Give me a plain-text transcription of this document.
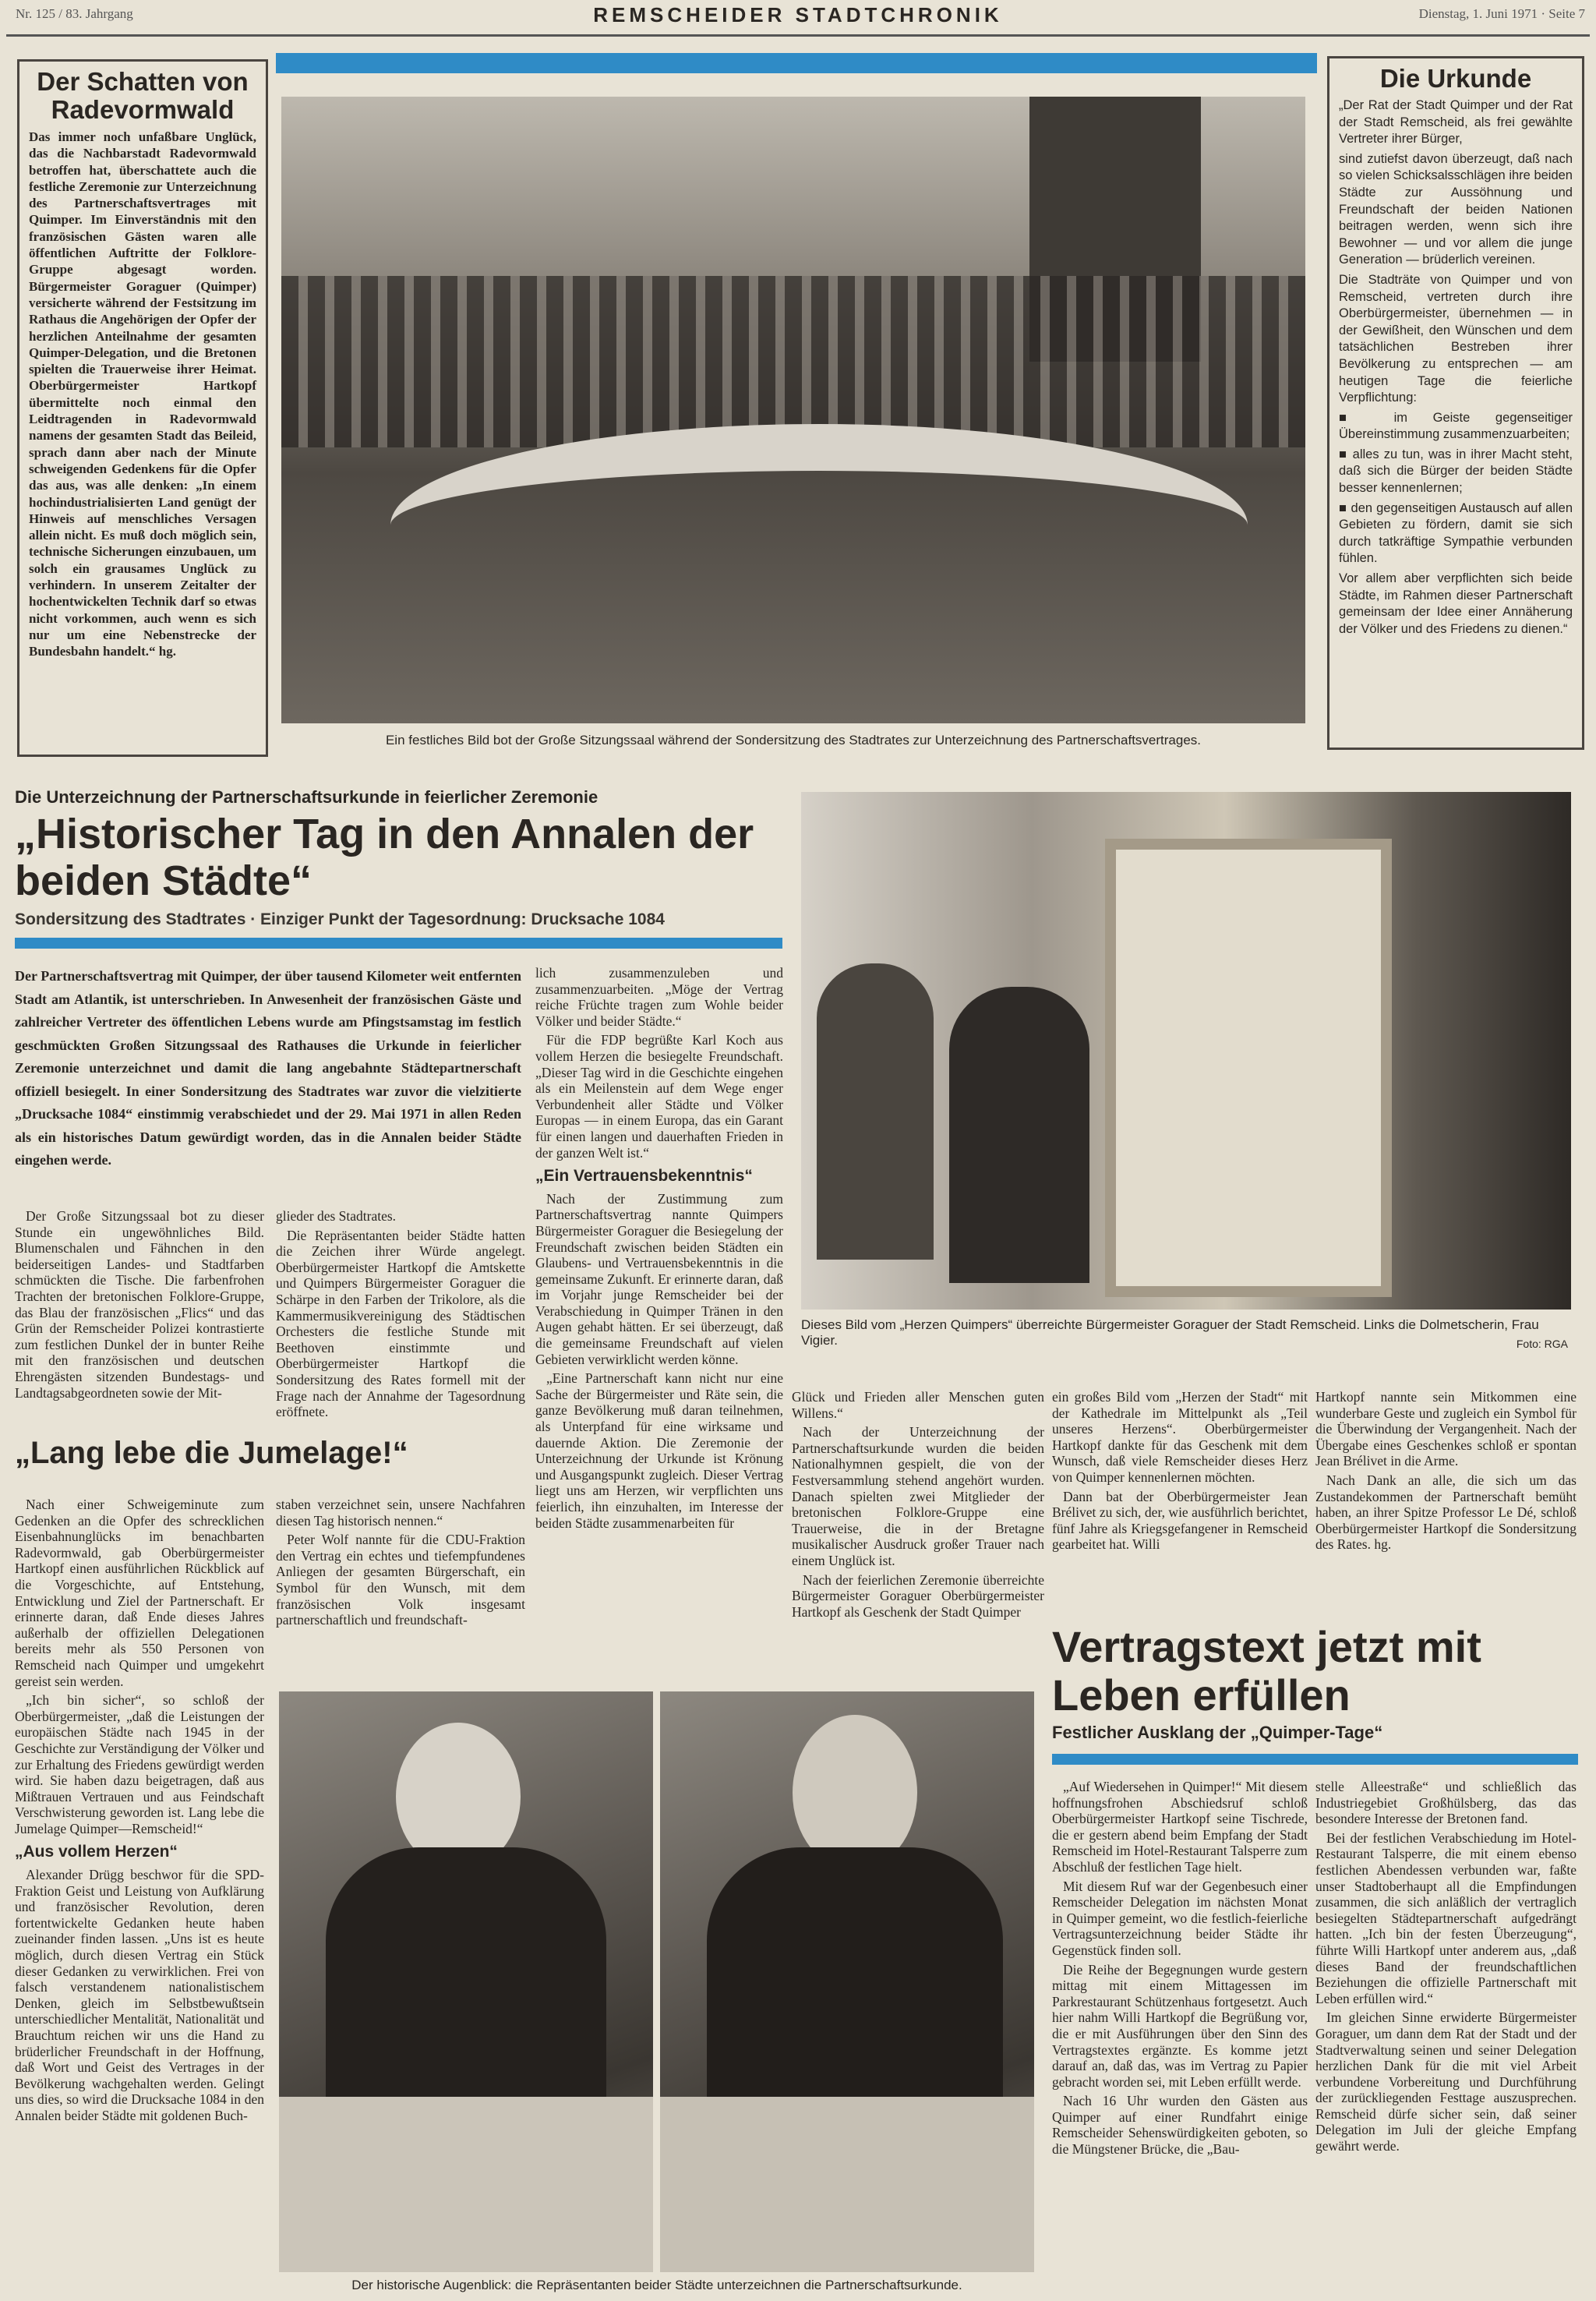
Nr. 125 / 83. Jahrgang	REMSCHEIDER STADTCHRONIK	Dienstag, 1. Juni 1971 · Seite 7
Der Schatten von Radevormwald

Das immer noch unfaßbare Unglück, das die Nachbarstadt Radevormwald betroffen hat, überschattete auch die festliche Zeremonie zur Unterzeichnung des Partnerschaftsvertrages mit Quimper. Im Einverständnis mit den französischen Gästen waren alle öffentlichen Auftritte der Folklore-Gruppe abgesagt worden. Bürgermeister Goraguer (Quimper) versicherte während der Festsitzung im Rathaus die Angehörigen der Opfer der herzlichen Anteilnahme der gesamten Quimper-Delegation, und die Bretonen spielten die Trauerweise ihrer Heimat. Oberbürgermeister Hartkopf übermittelte noch einmal den Leidtragenden in Radevormwald namens der gesamten Stadt das Beileid, sprach dann aber nach der Minute schweigenden Gedenkens für die Opfer das aus, was alle denken: „In einem hochindustrialisierten Land genügt der Hinweis auf menschliches Versagen allein nicht. Es muß doch möglich sein, technische Sicherungen einzubauen, um solch ein grausames Unglück zu verhindern. In unserem Zeitalter der hochentwickelten Technik darf so etwas nicht vorkommen, auch wenn es sich nur um eine Nebenstrecke der Bundesbahn handelt.“ hg.

Ein festliches Bild bot der Große Sitzungssaal während der Sondersitzung des Stadtrates zur Unterzeichnung des Partnerschaftsvertrages.
Die Urkunde

„Der Rat der Stadt Quimper und der Rat der Stadt Remscheid, als frei gewählte Vertreter ihrer Bürger,

sind zutiefst davon überzeugt, daß nach so vielen Schicksalsschlägen ihre beiden Städte zur Aussöhnung und Freundschaft der beiden Nationen beitragen werden, wenn sich ihre Bewohner — und vor allem die junge Generation — brüderlich vereinen.

Die Stadträte von Quimper und von Remscheid, vertreten durch ihre Oberbürgermeister, übernehmen — in der Gewißheit, den Wünschen und dem tatsächlichen Bestreben ihrer Bevölkerung zu entsprechen — am heutigen Tage die feierliche Verpflichtung:

■ im Geiste gegenseitiger Übereinstimmung zusammenzuarbeiten;

■ alles zu tun, was in ihrer Macht steht, daß sich die Bürger der beiden Städte besser kennenlernen;

■ den gegenseitigen Austausch auf allen Gebieten zu fördern, damit sie sich durch tatkräftige Sympathie verbunden fühlen.

Vor allem aber verpflichten sich beide Städte, im Rahmen dieser Partnerschaft gemeinsam der Idee einer Annäherung der Völker und des Friedens zu dienen.“

Die Unterzeichnung der Partnerschaftsurkunde in feierlicher Zeremonie
„Historischer Tag in den Annalen der beiden Städte“
Sondersitzung des Stadtrates · Einziger Punkt der Tagesordnung: Drucksache 1084
Dieses Bild vom „Herzen Quimpers“ überreichte Bürgermeister Goraguer der Stadt Remscheid. Links die Dolmetscherin, Frau Vigier.	Foto: RGA

Der Partnerschaftsvertrag mit Quimper, der über tausend Kilometer weit entfernten Stadt am Atlantik, ist unterschrieben. In Anwesenheit der französischen Gäste und zahlreicher Vertreter des öffentlichen Lebens wurde am Pfingstsamstag im festlich geschmückten Großen Sitzungssaal des Rathauses die Urkunde in feierlicher Zeremonie unterzeichnet und damit die lang angebahnte Städtepartnerschaft offiziell besiegelt. In einer Sondersitzung des Stadtrates war zuvor die vielzitierte „Drucksache 1084“ einstimmig verabschiedet und der 29. Mai 1971 in allen Reden als ein historisches Datum gewürdigt worden, das in die Annalen beider Städte eingehen werde.

Der Große Sitzungssaal bot zu dieser Stunde ein ungewöhnliches Bild. Blumenschalen und Fähnchen in den beiderseitigen Landes- und Stadtfarben schmückten die Tische. Die farbenfrohen Trachten der bretonischen Folklore-Gruppe, das Blau der französischen „Flics“ und das Grün der Remscheider Polizei kontrastierte zum festlichen Dunkel der in bunter Reihe mit den französischen und deutschen Ehrengästen sitzenden Bundestags- und Landtagsabgeordneten sowie der Mit-

glieder des Stadtrates.

Die Repräsentanten beider Städte hatten die Zeichen ihrer Würde angelegt. Oberbürgermeister Hartkopf die Amtskette und Quimpers Bürgermeister Goraguer die Schärpe in den Farben der Trikolore, als die Kammermusikvereinigung des Städtischen Orchesters die festliche Stunde mit Beethoven einstimmte und Oberbürgermeister Hartkopf die Sondersitzung des Rates formell mit der Frage nach der Annahme der Tagesordnung eröffnete.

lich zusammenzuleben und zusammenzuarbeiten. „Möge der Vertrag reiche Früchte tragen zum Wohle beider Völker und beider Städte.“

Für die FDP begrüßte Karl Koch aus vollem Herzen die besiegelte Freundschaft. „Dieser Tag wird in die Geschichte eingehen als ein Meilenstein auf dem Wege enger Verbundenheit aller Städte und Völker Europas — in einem Europa, das ein Garant für einen langen und dauerhaften Frieden in der ganzen Welt ist.“

„Ein Vertrauensbekenntnis“

Nach der Zustimmung zum Partnerschaftsvertrag nannte Quimpers Bürgermeister Goraguer die Besiegelung der Freundschaft zwischen beiden Städten ein Glaubens- und Vertrauensbekenntnis in die gemeinsame Zukunft. Er erinnerte daran, daß im Vorjahr junge Remscheider bei der Verabschiedung in Quimper Tränen in den Augen gehabt hätten. Er sei überzeugt, daß die gemeinsame Freundschaft auf vielen Gebieten verwirklicht werden könne.

„Eine Partnerschaft kann nicht nur eine Sache der Bürgermeister und Räte sein, die ganze Bevölkerung muß daran teilnehmen, als Unterpfand für eine wirksame und dauernde Aktion. Die Zeremonie der Unterzeichnung der Urkunde ist Krönung und Ausgangspunkt zugleich. Dieser Vertrag liegt uns am Herzen, wir verpflichten uns feierlich, ihn einzuhalten, im Interesse der beiden Städte zusammenarbeiten für

Glück und Frieden aller Menschen guten Willens.“

Nach der Unterzeichnung der Partnerschaftsurkunde wurden die beiden Nationalhymnen gespielt, die von der Festversammlung stehend angehört wurden. Danach spielten zwei Mitglieder der bretonischen Folklore-Gruppe eine Trauerweise, die in der Bretagne musikalischer Ausdruck großer Trauer nach einem Unglück ist.

Nach der feierlichen Zeremonie überreichte Bürgermeister Goraguer Oberbürgermeister Hartkopf als Geschenk der Stadt Quimper

ein großes Bild vom „Herzen der Stadt“ mit der Kathedrale im Mittelpunkt als „Teil unseres Herzens“. Oberbürgermeister Hartkopf dankte für das Geschenk mit dem Wunsch, daß viele Remscheider dieses Herz von Quimper kennenlernen möchten.

Dann bat der Oberbürgermeister Jean Brélivet zu sich, der, wie ausführlich berichtet, fünf Jahre als Kriegsgefangener in Remscheid gearbeitet hat. Willi

Hartkopf nannte sein Mitkommen eine wunderbare Geste und zugleich ein Symbol für die Überwindung der Vergangenheit. Nach der Übergabe eines Geschenkes schloß er spontan Jean Brélivet in die Arme.

Nach Dank an alle, die sich um das Zustandekommen der Partnerschaft bemüht haben, an ihrer Spitze Professor Le Dé, schloß Oberbürgermeister Hartkopf die Sondersitzung des Rates. hg.

„Lang lebe die Jumelage!“

Nach einer Schweigeminute zum Gedenken an die Opfer des schrecklichen Eisenbahnunglücks im benachbarten Radevormwald, gab Oberbürgermeister Hartkopf einen ausführlichen Rückblick auf die Vorgeschichte, auf Entstehung, Entwicklung und Ziel der Partnerschaft. Er erinnerte daran, daß Ende dieses Jahres außerhalb der offiziellen Delegationen bereits mehr als 550 Personen von Remscheid nach Quimper und umgekehrt gereist sein werden.

„Ich bin sicher“, so schloß der Oberbürgermeister, „daß die Leistungen der europäischen Städte nach 1945 in der Geschichte zur Verständigung der Völker und zur Erhaltung des Friedens gewürdigt werden wird. Sie haben dazu beigetragen, daß aus Mißtrauen Vertrauen und aus Feindschaft Verschwisterung geworden ist. Lang lebe die Jumelage Quimper—Remscheid!“

„Aus vollem Herzen“

Alexander Drügg beschwor für die SPD-Fraktion Geist und Leistung von Aufklärung und französischer Revolution, deren fortentwickelte Gedanken heute haben zueinander finden lassen. „Uns ist es heute möglich, durch diesen Vertrag ein Stück dieser Gedanken zu verwirklichen. Frei von falsch verstandenem nationalistischem Denken, gleich im Selbstbewußtsein unterschiedlicher Mentalität, Nationalität und Brauchtum reichen wir uns die Hand zu brüderlicher Freundschaft in der Hoffnung, daß Wort und Geist des Vertrages in der Bevölkerung wachgehalten werden. Gelingt uns dies, so wird die Drucksache 1084 in den Annalen beider Städte mit goldenen Buch-

staben verzeichnet sein, unsere Nachfahren diesen Tag historisch nennen.“

Peter Wolf nannte für die CDU-Fraktion den Vertrag ein echtes und tiefempfundenes Anliegen der gesamten Bürgerschaft, ein Symbol für den Wunsch, mit dem französischen Volk insgesamt partnerschaftlich und freundschaft-

Der historische Augenblick: die Repräsentanten beider Städte unterzeichnen die Partnerschaftsurkunde.
Vertragstext jetzt mit Leben erfüllen
Festlicher Ausklang der „Quimper-Tage“

„Auf Wiedersehen in Quimper!“ Mit diesem hoffnungsfrohen Abschiedsruf schloß Oberbürgermeister Hartkopf seine Tischrede, die er gestern abend beim Empfang der Stadt Remscheid im Hotel-Restaurant Talsperre zum Abschluß der festlichen Tage hielt.

Mit diesem Ruf war der Gegenbesuch einer Remscheider Delegation im nächsten Monat in Quimper gemeint, wo die festlich-feierliche Vertragsunterzeichnung beider Städte ihr Gegenstück finden soll.

Die Reihe der Begegnungen wurde gestern mittag mit einem Mittagessen im Parkrestaurant Schützenhaus fortgesetzt. Auch hier nahm Willi Hartkopf die Begrüßung vor, die er mit Ausführungen über den Sinn des Vertragstextes ergänzte. Es komme jetzt darauf an, daß das, was im Vertrag zu Papier gebracht worden sei, mit Leben erfüllt werde.

Nach 16 Uhr wurden den Gästen aus Quimper auf einer Rundfahrt einige Remscheider Sehenswürdigkeiten geboten, so die Müngstener Brücke, die „Bau-

stelle Alleestraße“ und schließlich das Industriegebiet Großhülsberg, das das besondere Interesse der Bretonen fand.

Bei der festlichen Verabschiedung im Hotel-Restaurant Talsperre, die mit einem ebenso festlichen Abendessen verbunden war, faßte unser Stadtoberhaupt all die Empfindungen zusammen, die sich anläßlich der vertraglich besiegelten Städtepartnerschaft aufgedrängt hatten. „Ich bin der festen Überzeugung“, führte Willi Hartkopf unter anderem aus, „daß dieses Band der freundschaftlichen Beziehungen die offizielle Partnerschaft mit Leben erfüllen wird.“

Im gleichen Sinne erwiderte Bürgermeister Goraguer, um dann dem Rat der Stadt und der Stadtverwaltung seinen und seiner Delegation herzlichen Dank für die mit viel Arbeit verbundene Vorbereitung und Durchführung der zurückliegenden Festtage auszusprechen. Remscheid dürfe sicher sein, daß seiner Delegation im Juli der gleiche Empfang gewährt werde.
